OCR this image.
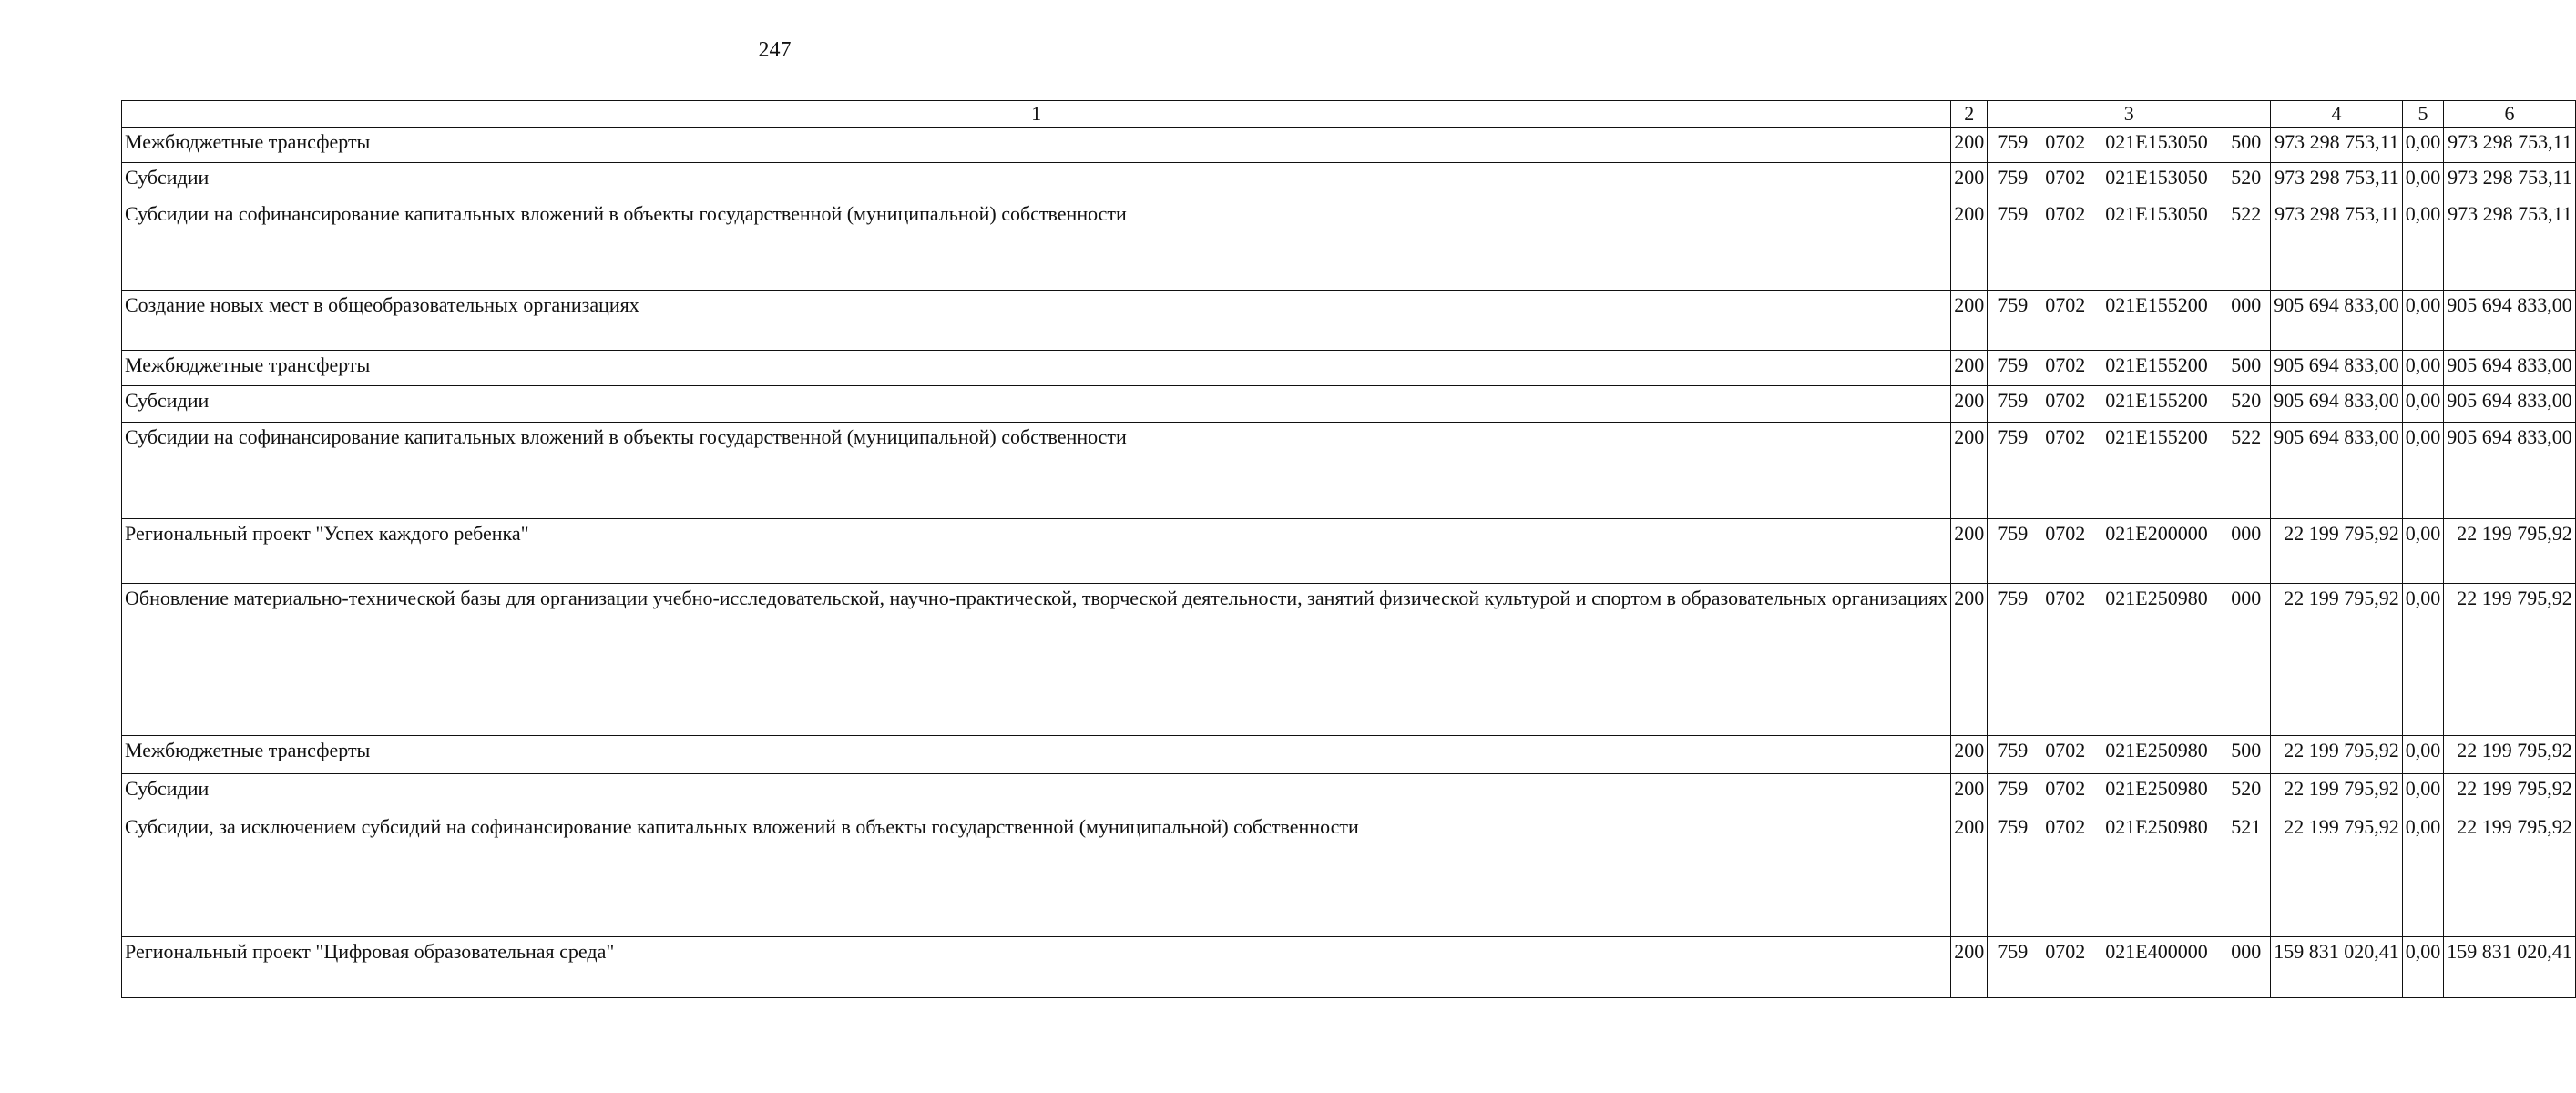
247
1	2	3	4	5	6
Межбюджетные трансферты	200	759 0702 021E153050 500	973 298 753,11	0,00	973 298 753,11
Субсидии	200	759 0702 021E153050 520	973 298 753,11	0,00	973 298 753,11
Субсидии на софинансирование капитальных вложений в объекты государственной (муниципальной) собственности	200	759 0702 021E153050 522	973 298 753,11	0,00	973 298 753,11
Создание новых мест в общеобразовательных организациях	200	759 0702 021E155200 000	905 694 833,00	0,00	905 694 833,00
Межбюджетные трансферты	200	759 0702 021E155200 500	905 694 833,00	0,00	905 694 833,00
Субсидии	200	759 0702 021E155200 520	905 694 833,00	0,00	905 694 833,00
Субсидии на софинансирование капитальных вложений в объекты государственной (муниципальной) собственности	200	759 0702 021E155200 522	905 694 833,00	0,00	905 694 833,00
Региональный проект "Успех каждого ребенка"	200	759 0702 021E200000 000	22 199 795,92	0,00	22 199 795,92
Обновление материально-технической базы для организации учебно-исследовательской, научно-практической, творческой деятельности, занятий физической культурой и спортом в образовательных организациях	200	759 0702 021E250980 000	22 199 795,92	0,00	22 199 795,92
Межбюджетные трансферты	200	759 0702 021E250980 500	22 199 795,92	0,00	22 199 795,92
Субсидии	200	759 0702 021E250980 520	22 199 795,92	0,00	22 199 795,92
Субсидии, за исключением субсидий на софинансирование капитальных вложений в объекты государственной (муниципальной) собственности	200	759 0702 021E250980 521	22 199 795,92	0,00	22 199 795,92
Региональный проект "Цифровая образовательная среда"	200	759 0702 021E400000 000	159 831 020,41	0,00	159 831 020,41
